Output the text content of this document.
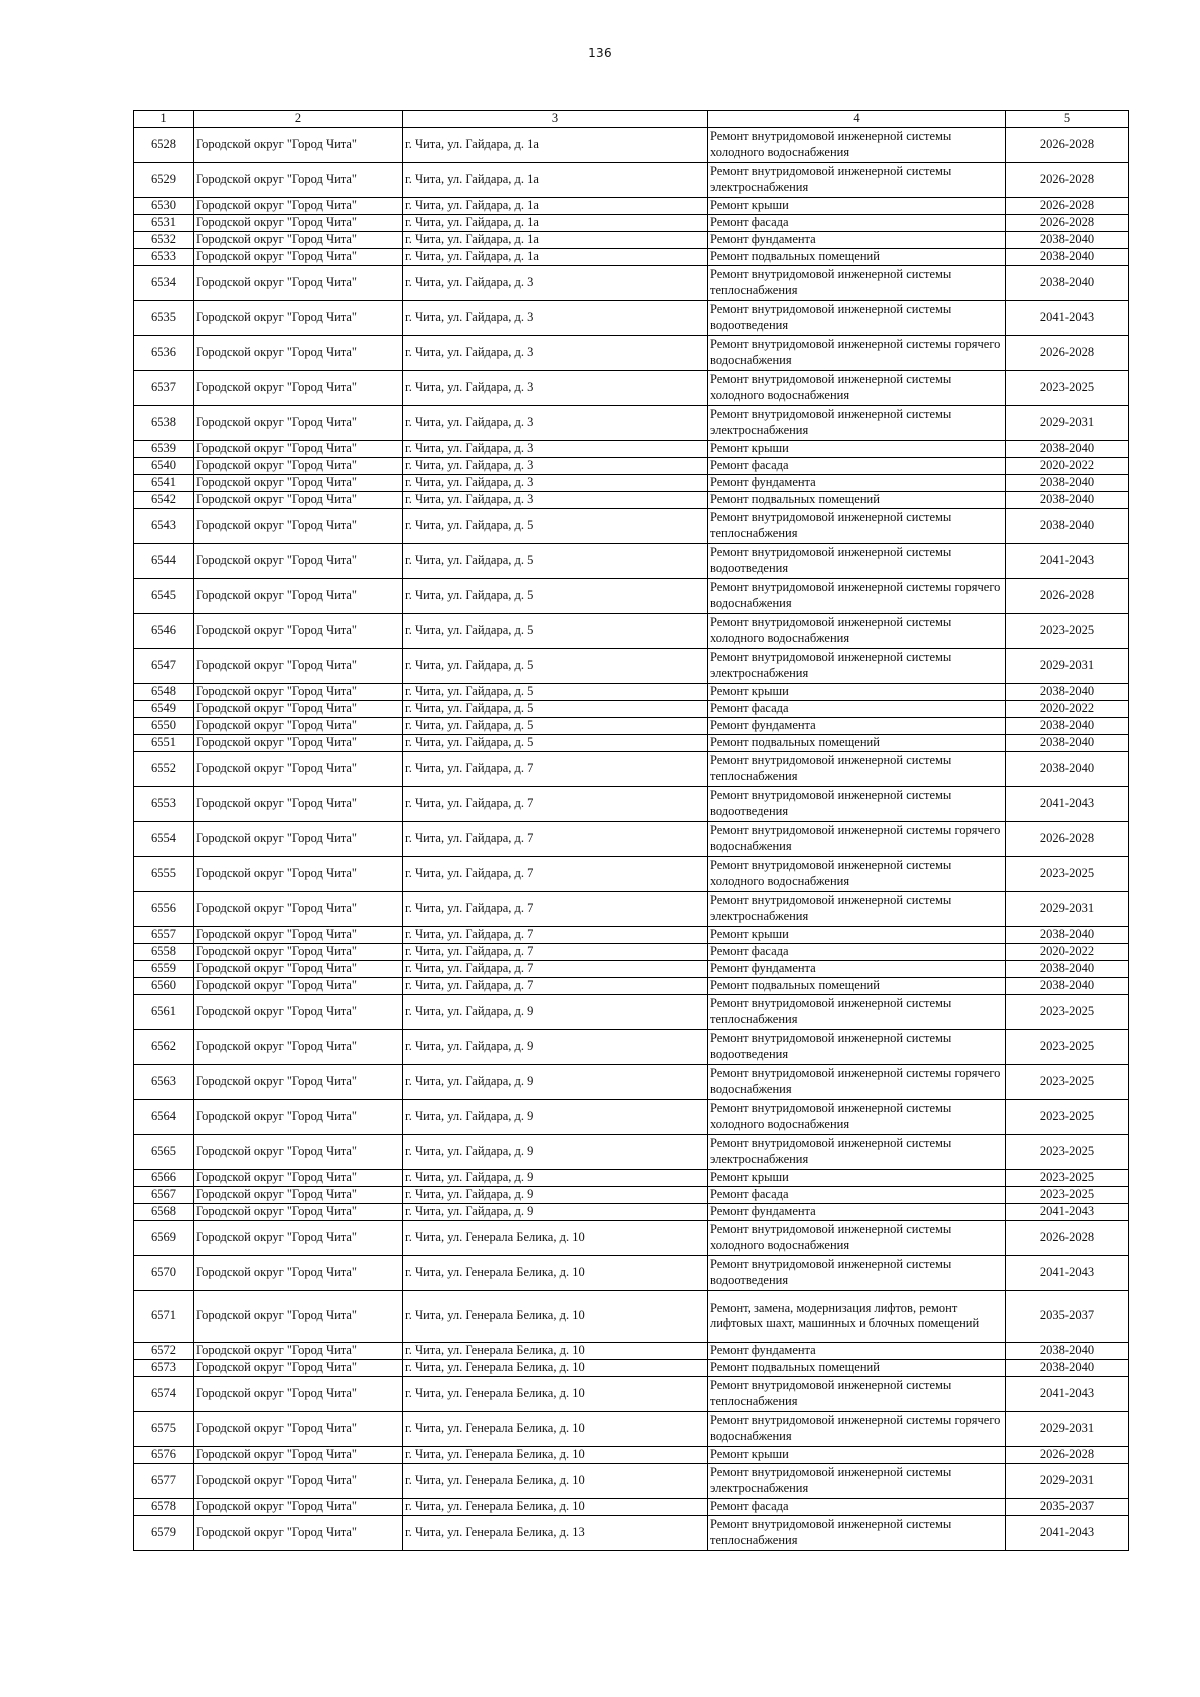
136
1	2	3	4	5
6528	Городской округ "Город Чита"	г. Чита, ул. Гайдара, д. 1а	Ремонт внутридомовой инженерной системы холодного водоснабжения	2026-2028
6529	Городской округ "Город Чита"	г. Чита, ул. Гайдара, д. 1а	Ремонт внутридомовой инженерной системы электроснабжения	2026-2028
6530	Городской округ "Город Чита"	г. Чита, ул. Гайдара, д. 1а	Ремонт крыши	2026-2028
6531	Городской округ "Город Чита"	г. Чита, ул. Гайдара, д. 1а	Ремонт фасада	2026-2028
6532	Городской округ "Город Чита"	г. Чита, ул. Гайдара, д. 1а	Ремонт фундамента	2038-2040
6533	Городской округ "Город Чита"	г. Чита, ул. Гайдара, д. 1а	Ремонт подвальных помещений	2038-2040
6534	Городской округ "Город Чита"	г. Чита, ул. Гайдара, д. 3	Ремонт внутридомовой инженерной системы теплоснабжения	2038-2040
6535	Городской округ "Город Чита"	г. Чита, ул. Гайдара, д. 3	Ремонт внутридомовой инженерной системы водоотведения	2041-2043
6536	Городской округ "Город Чита"	г. Чита, ул. Гайдара, д. 3	Ремонт внутридомовой инженерной системы горячего водоснабжения	2026-2028
6537	Городской округ "Город Чита"	г. Чита, ул. Гайдара, д. 3	Ремонт внутридомовой инженерной системы холодного водоснабжения	2023-2025
6538	Городской округ "Город Чита"	г. Чита, ул. Гайдара, д. 3	Ремонт внутридомовой инженерной системы электроснабжения	2029-2031
6539	Городской округ "Город Чита"	г. Чита, ул. Гайдара, д. 3	Ремонт крыши	2038-2040
6540	Городской округ "Город Чита"	г. Чита, ул. Гайдара, д. 3	Ремонт фасада	2020-2022
6541	Городской округ "Город Чита"	г. Чита, ул. Гайдара, д. 3	Ремонт фундамента	2038-2040
6542	Городской округ "Город Чита"	г. Чита, ул. Гайдара, д. 3	Ремонт подвальных помещений	2038-2040
6543	Городской округ "Город Чита"	г. Чита, ул. Гайдара, д. 5	Ремонт внутридомовой инженерной системы теплоснабжения	2038-2040
6544	Городской округ "Город Чита"	г. Чита, ул. Гайдара, д. 5	Ремонт внутридомовой инженерной системы водоотведения	2041-2043
6545	Городской округ "Город Чита"	г. Чита, ул. Гайдара, д. 5	Ремонт внутридомовой инженерной системы горячего водоснабжения	2026-2028
6546	Городской округ "Город Чита"	г. Чита, ул. Гайдара, д. 5	Ремонт внутридомовой инженерной системы холодного водоснабжения	2023-2025
6547	Городской округ "Город Чита"	г. Чита, ул. Гайдара, д. 5	Ремонт внутридомовой инженерной системы электроснабжения	2029-2031
6548	Городской округ "Город Чита"	г. Чита, ул. Гайдара, д. 5	Ремонт крыши	2038-2040
6549	Городской округ "Город Чита"	г. Чита, ул. Гайдара, д. 5	Ремонт фасада	2020-2022
6550	Городской округ "Город Чита"	г. Чита, ул. Гайдара, д. 5	Ремонт фундамента	2038-2040
6551	Городской округ "Город Чита"	г. Чита, ул. Гайдара, д. 5	Ремонт подвальных помещений	2038-2040
6552	Городской округ "Город Чита"	г. Чита, ул. Гайдара, д. 7	Ремонт внутридомовой инженерной системы теплоснабжения	2038-2040
6553	Городской округ "Город Чита"	г. Чита, ул. Гайдара, д. 7	Ремонт внутридомовой инженерной системы водоотведения	2041-2043
6554	Городской округ "Город Чита"	г. Чита, ул. Гайдара, д. 7	Ремонт внутридомовой инженерной системы горячего водоснабжения	2026-2028
6555	Городской округ "Город Чита"	г. Чита, ул. Гайдара, д. 7	Ремонт внутридомовой инженерной системы холодного водоснабжения	2023-2025
6556	Городской округ "Город Чита"	г. Чита, ул. Гайдара, д. 7	Ремонт внутридомовой инженерной системы электроснабжения	2029-2031
6557	Городской округ "Город Чита"	г. Чита, ул. Гайдара, д. 7	Ремонт крыши	2038-2040
6558	Городской округ "Город Чита"	г. Чита, ул. Гайдара, д. 7	Ремонт фасада	2020-2022
6559	Городской округ "Город Чита"	г. Чита, ул. Гайдара, д. 7	Ремонт фундамента	2038-2040
6560	Городской округ "Город Чита"	г. Чита, ул. Гайдара, д. 7	Ремонт подвальных помещений	2038-2040
6561	Городской округ "Город Чита"	г. Чита, ул. Гайдара, д. 9	Ремонт внутридомовой инженерной системы теплоснабжения	2023-2025
6562	Городской округ "Город Чита"	г. Чита, ул. Гайдара, д. 9	Ремонт внутридомовой инженерной системы водоотведения	2023-2025
6563	Городской округ "Город Чита"	г. Чита, ул. Гайдара, д. 9	Ремонт внутридомовой инженерной системы горячего водоснабжения	2023-2025
6564	Городской округ "Город Чита"	г. Чита, ул. Гайдара, д. 9	Ремонт внутридомовой инженерной системы холодного водоснабжения	2023-2025
6565	Городской округ "Город Чита"	г. Чита, ул. Гайдара, д. 9	Ремонт внутридомовой инженерной системы электроснабжения	2023-2025
6566	Городской округ "Город Чита"	г. Чита, ул. Гайдара, д. 9	Ремонт крыши	2023-2025
6567	Городской округ "Город Чита"	г. Чита, ул. Гайдара, д. 9	Ремонт фасада	2023-2025
6568	Городской округ "Город Чита"	г. Чита, ул. Гайдара, д. 9	Ремонт фундамента	2041-2043
6569	Городской округ "Город Чита"	г. Чита, ул. Генерала Белика, д. 10	Ремонт внутридомовой инженерной системы холодного водоснабжения	2026-2028
6570	Городской округ "Город Чита"	г. Чита, ул. Генерала Белика, д. 10	Ремонт внутридомовой инженерной системы водоотведения	2041-2043
6571	Городской округ "Город Чита"	г. Чита, ул. Генерала Белика, д. 10	Ремонт, замена, модернизация лифтов, ремонт лифтовых шахт, машинных и блочных помещений	2035-2037
6572	Городской округ "Город Чита"	г. Чита, ул. Генерала Белика, д. 10	Ремонт фундамента	2038-2040
6573	Городской округ "Город Чита"	г. Чита, ул. Генерала Белика, д. 10	Ремонт подвальных помещений	2038-2040
6574	Городской округ "Город Чита"	г. Чита, ул. Генерала Белика, д. 10	Ремонт внутридомовой инженерной системы теплоснабжения	2041-2043
6575	Городской округ "Город Чита"	г. Чита, ул. Генерала Белика, д. 10	Ремонт внутридомовой инженерной системы горячего водоснабжения	2029-2031
6576	Городской округ "Город Чита"	г. Чита, ул. Генерала Белика, д. 10	Ремонт крыши	2026-2028
6577	Городской округ "Город Чита"	г. Чита, ул. Генерала Белика, д. 10	Ремонт внутридомовой инженерной системы электроснабжения	2029-2031
6578	Городской округ "Город Чита"	г. Чита, ул. Генерала Белика, д. 10	Ремонт фасада	2035-2037
6579	Городской округ "Город Чита"	г. Чита, ул. Генерала Белика, д. 13	Ремонт внутридомовой инженерной системы теплоснабжения	2041-2043
